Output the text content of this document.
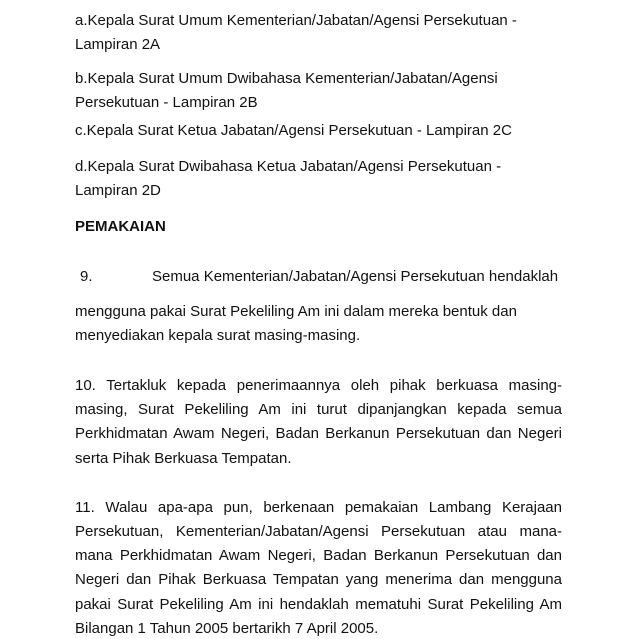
a.Kepala Surat Umum Kementerian/Jabatan/Agensi Persekutuan -
Lampiran 2A
b.Kepala Surat Umum Dwibahasa Kementerian/Jabatan/Agensi
Persekutuan - Lampiran 2B
c.Kepala Surat Ketua Jabatan/Agensi Persekutuan - Lampiran 2C
d.Kepala Surat Dwibahasa Ketua Jabatan/Agensi Persekutuan -
Lampiran 2D
PEMAKAIAN
9.	Semua Kementerian/Jabatan/Agensi Persekutuan hendaklah
mengguna pakai Surat Pekeliling Am ini dalam mereka bentuk dan
menyediakan kepala surat masing-masing.
10. Tertakluk kepada penerimaannya oleh pihak berkuasa masing-
masing, Surat Pekeliling Am ini turut dipanjangkan kepada semua
Perkhidmatan Awam Negeri, Badan Berkanun Persekutuan dan Negeri
serta Pihak Berkuasa Tempatan.
11. Walau apa-apa pun, berkenaan pemakaian Lambang Kerajaan
Persekutuan, Kementerian/Jabatan/Agensi Persekutuan atau mana-
mana Perkhidmatan Awam Negeri, Badan Berkanun Persekutuan dan
Negeri dan Pihak Berkuasa Tempatan yang menerima dan mengguna
pakai Surat Pekeliling Am ini hendaklah mematuhi Surat Pekeliling Am
Bilangan 1 Tahun 2005 bertarikh 7 April 2005.
